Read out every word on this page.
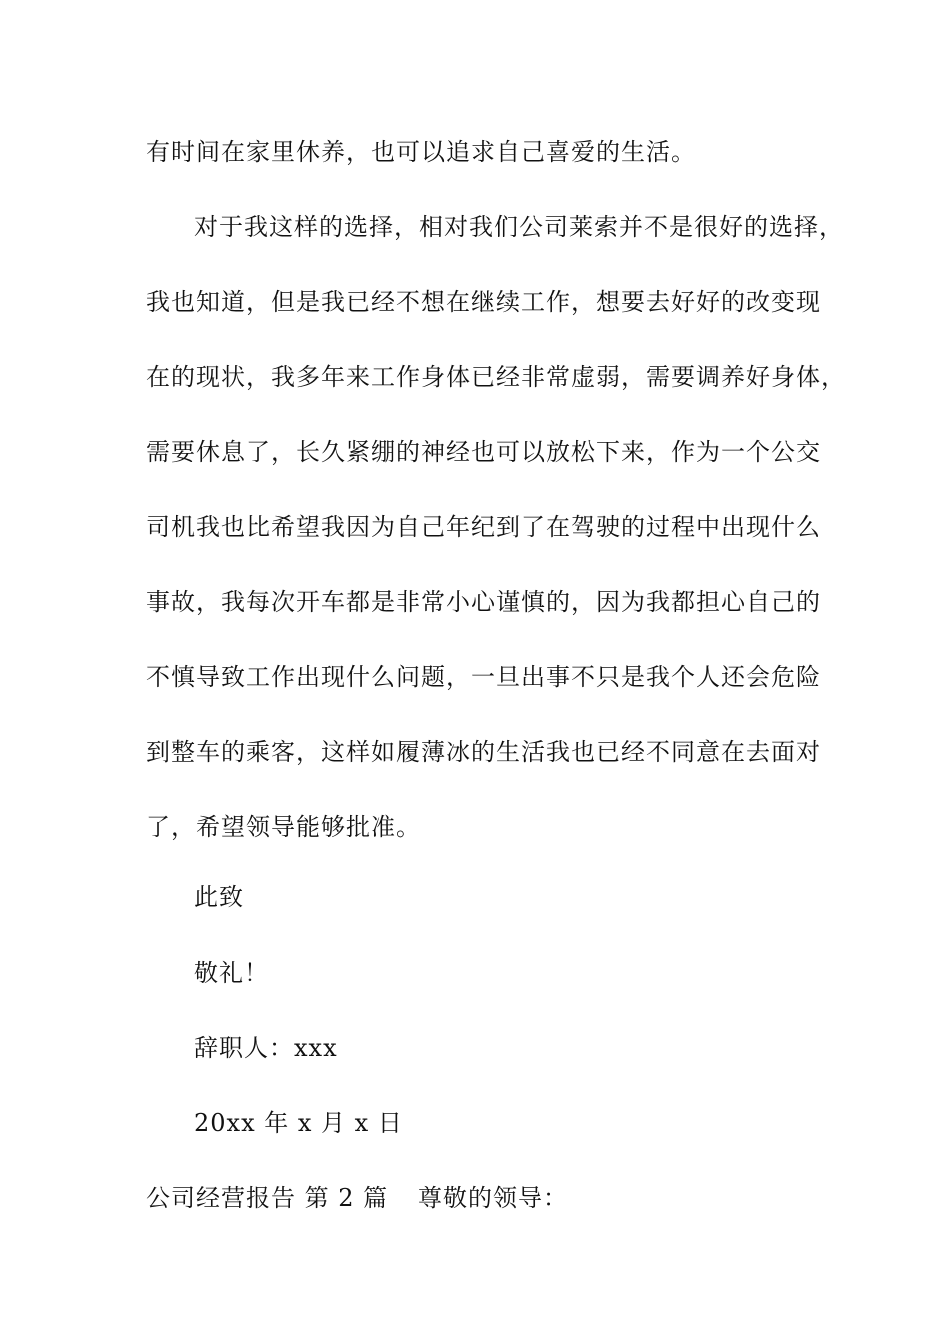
有时间在家里休养，也可以追求自己喜爱的生活。
对于我这样的选择，相对我们公司莱索并不是很好的选择，
我也知道，但是我已经不想在继续工作，想要去好好的改变现
在的现状，我多年来工作身体已经非常虚弱，需要调养好身体，
需要休息了，长久紧绷的神经也可以放松下来，作为一个公交
司机我也比希望我因为自己年纪到了在驾驶的过程中出现什么
事故，我每次开车都是非常小心谨慎的，因为我都担心自己的
不慎导致工作出现什么问题，一旦出事不只是我个人还会危险
到整车的乘客，这样如履薄冰的生活我也已经不同意在去面对
了，希望领导能够批准。
此致
敬礼！
辞职人：xxx
20xx 年 x 月 x 日
公司经营报告 第 2 篇 尊敬的领导：
